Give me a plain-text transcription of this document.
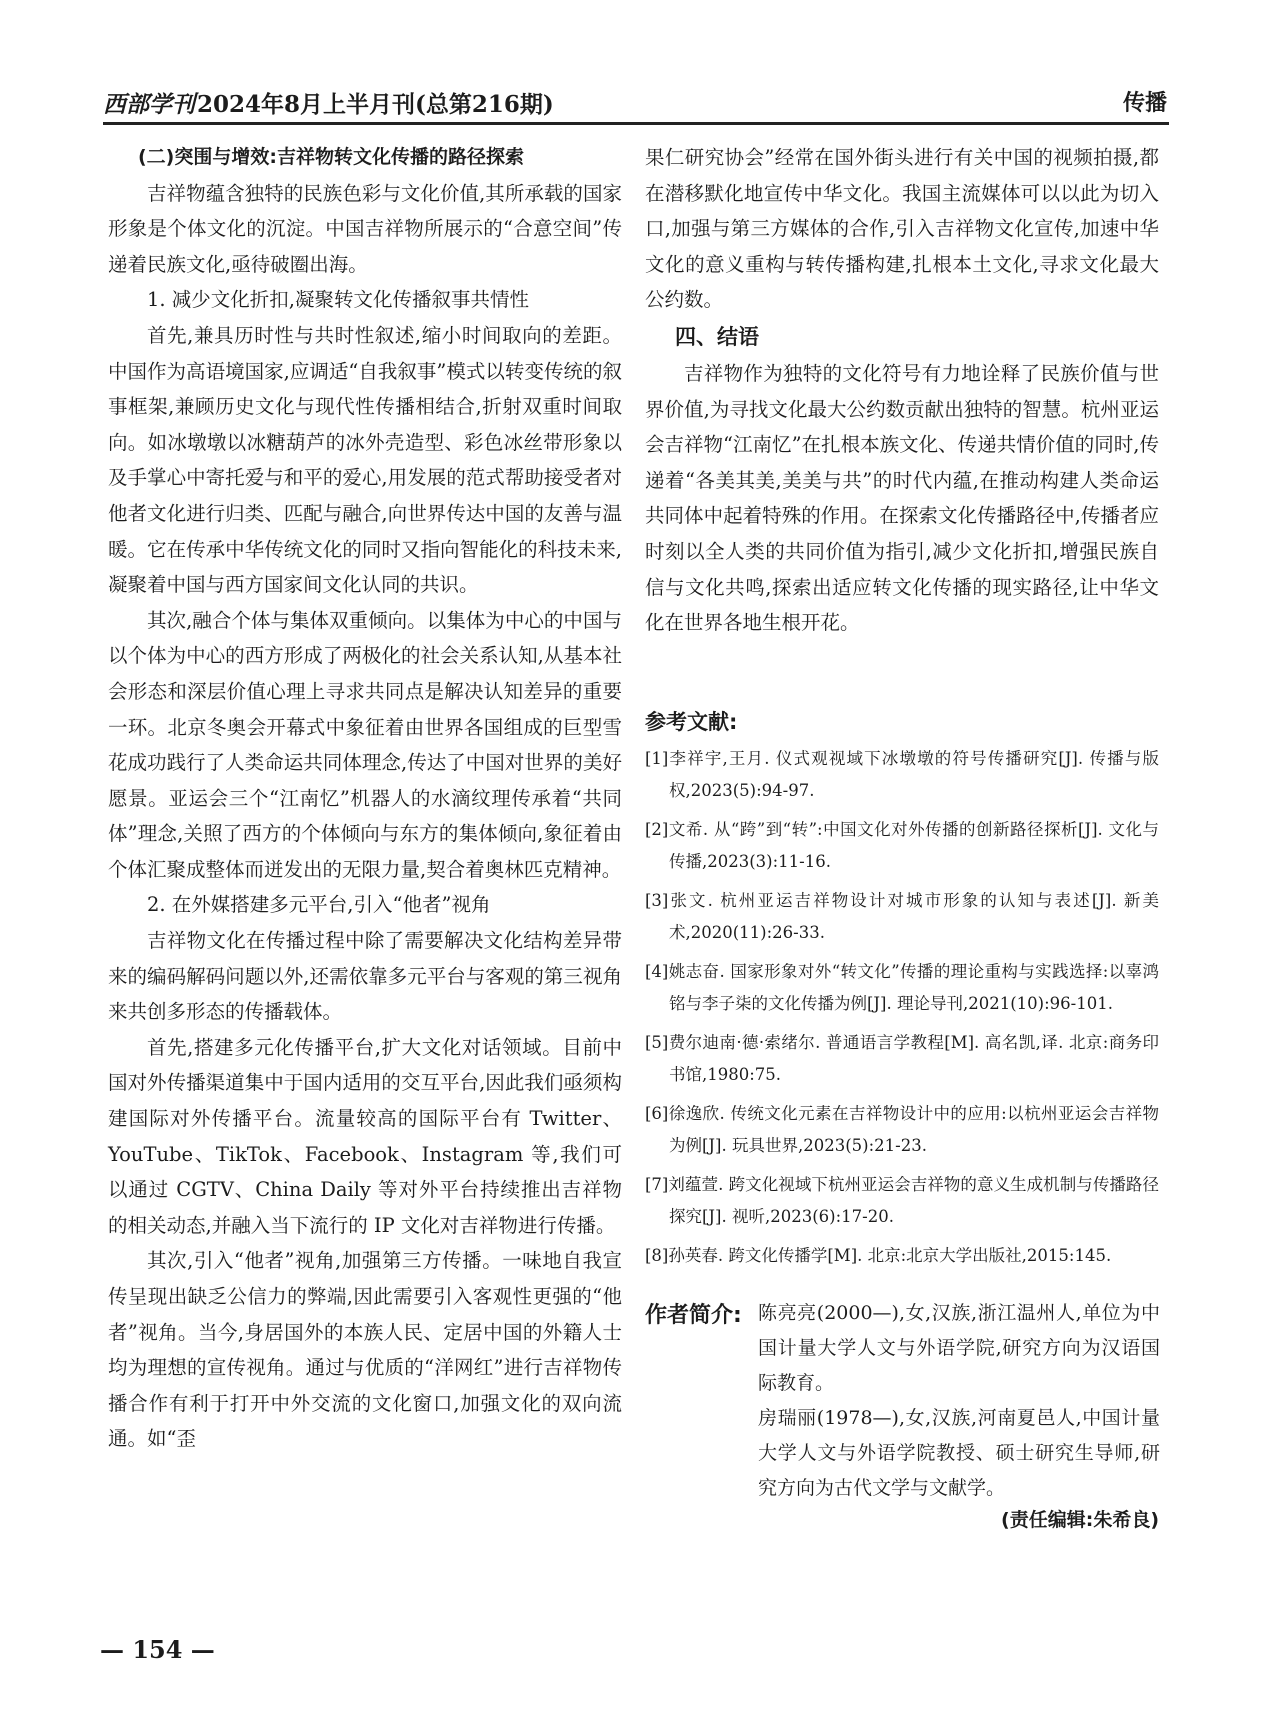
西部学刊2024年8月上半月刊(总第216期)	传播
(二)突围与增效:吉祥物转文化传播的路径探索

吉祥物蕴含独特的民族色彩与文化价值,其所承载的国家形象是个体文化的沉淀。中国吉祥物所展示的“合意空间”传递着民族文化,亟待破圈出海。

1. 减少文化折扣,凝聚转文化传播叙事共情性

首先,兼具历时性与共时性叙述,缩小时间取向的差距。中国作为高语境国家,应调适“自我叙事”模式以转变传统的叙事框架,兼顾历史文化与现代性传播相结合,折射双重时间取向。如冰墩墩以冰糖葫芦的冰外壳造型、彩色冰丝带形象以及手掌心中寄托爱与和平的爱心,用发展的范式帮助接受者对他者文化进行归类、匹配与融合,向世界传达中国的友善与温暖。它在传承中华传统文化的同时又指向智能化的科技未来,凝聚着中国与西方国家间文化认同的共识。

其次,融合个体与集体双重倾向。以集体为中心的中国与以个体为中心的西方形成了两极化的社会关系认知,从基本社会形态和深层价值心理上寻求共同点是解决认知差异的重要一环。北京冬奥会开幕式中象征着由世界各国组成的巨型雪花成功践行了人类命运共同体理念,传达了中国对世界的美好愿景。亚运会三个“江南忆”机器人的水滴纹理传承着“共同体”理念,关照了西方的个体倾向与东方的集体倾向,象征着由个体汇聚成整体而迸发出的无限力量,契合着奥林匹克精神。

2. 在外媒搭建多元平台,引入“他者”视角

吉祥物文化在传播过程中除了需要解决文化结构差异带来的编码解码问题以外,还需依靠多元平台与客观的第三视角来共创多形态的传播载体。

首先,搭建多元化传播平台,扩大文化对话领域。目前中国对外传播渠道集中于国内适用的交互平台,因此我们亟须构建国际对外传播平台。流量较高的国际平台有 Twitter、YouTube、TikTok、Facebook、Instagram 等,我们可以通过 CGTV、China Daily 等对外平台持续推出吉祥物的相关动态,并融入当下流行的 IP 文化对吉祥物进行传播。

其次,引入“他者”视角,加强第三方传播。一味地自我宣传呈现出缺乏公信力的弊端,因此需要引入客观性更强的“他者”视角。当今,身居国外的本族人民、定居中国的外籍人士均为理想的宣传视角。通过与优质的“洋网红”进行吉祥物传播合作有利于打开中外交流的文化窗口,加强文化的双向流通。如“歪

果仁研究协会”经常在国外街头进行有关中国的视频拍摄,都在潜移默化地宣传中华文化。我国主流媒体可以以此为切入口,加强与第三方媒体的合作,引入吉祥物文化宣传,加速中华文化的意义重构与转传播构建,扎根本土文化,寻求文化最大公约数。

四、结语

吉祥物作为独特的文化符号有力地诠释了民族价值与世界价值,为寻找文化最大公约数贡献出独特的智慧。杭州亚运会吉祥物“江南忆”在扎根本族文化、传递共情价值的同时,传递着“各美其美,美美与共”的时代内蕴,在推动构建人类命运共同体中起着特殊的作用。在探索文化传播路径中,传播者应时刻以全人类的共同价值为指引,减少文化折扣,增强民族自信与文化共鸣,探索出适应转文化传播的现实路径,让中华文化在世界各地生根开花。

参考文献:
[1]李祥宇,王月. 仪式观视域下冰墩墩的符号传播研究[J]. 传播与版权,2023(5):94-97.
[2]文希. 从“跨”到“转”:中国文化对外传播的创新路径探析[J]. 文化与传播,2023(3):11-16.
[3]张文. 杭州亚运吉祥物设计对城市形象的认知与表述[J]. 新美术,2020(11):26-33.
[4]姚志奋. 国家形象对外“转文化”传播的理论重构与实践选择:以辜鸿铭与李子柒的文化传播为例[J]. 理论导刊,2021(10):96-101.
[5]费尔迪南·德·索绪尔. 普通语言学教程[M]. 高名凯,译. 北京:商务印书馆,1980:75.
[6]徐逸欣. 传统文化元素在吉祥物设计中的应用:以杭州亚运会吉祥物为例[J]. 玩具世界,2023(5):21-23.
[7]刘蕴萱. 跨文化视域下杭州亚运会吉祥物的意义生成机制与传播路径探究[J]. 视听,2023(6):17-20.
[8]孙英春. 跨文化传播学[M]. 北京:北京大学出版社,2015:145.
作者简介: 陈亮亮(2000—),女,汉族,浙江温州人,单位为中国计量大学人文与外语学院,研究方向为汉语国际教育。

房瑞丽(1978—),女,汉族,河南夏邑人,中国计量大学人文与外语学院教授、硕士研究生导师,研究方向为古代文学与文献学。

(责任编辑:朱希良)
— 154 —
